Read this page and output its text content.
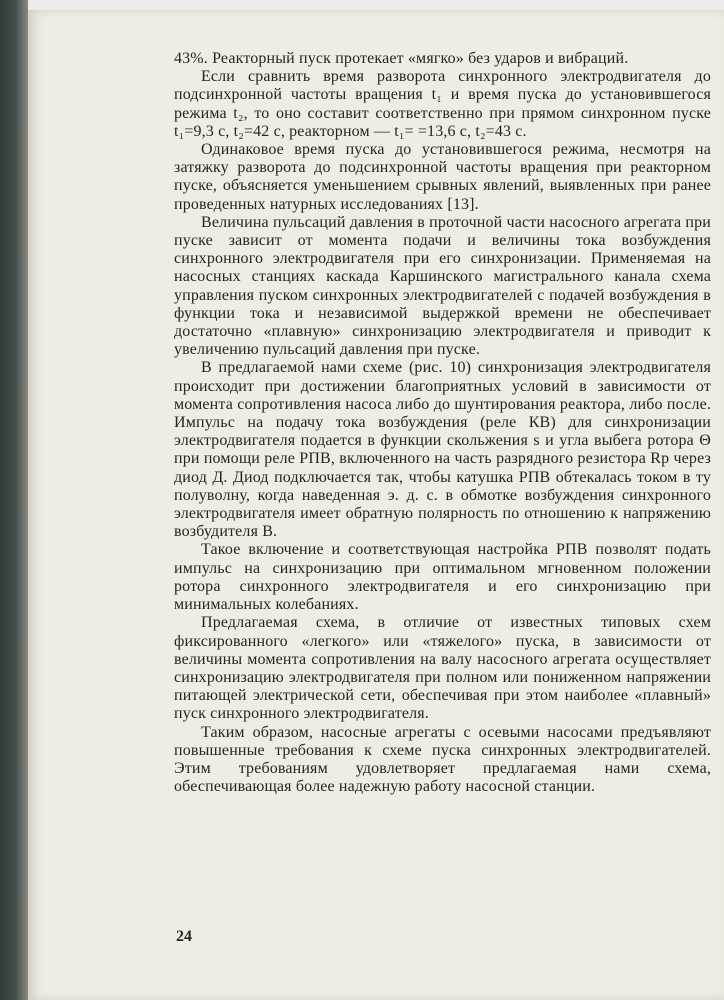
43%. Реакторный пуск протекает «мягко» без ударов и вибраций.

Если сравнить время разворота синхронного электродвигателя до подсинхронной частоты вращения t₁ и время пуска до установившегося режима t₂, то оно составит соответственно при прямом синхронном пуске t₁=9,3 с, t₂=42 с, реакторном — t₁= =13,6 с, t₂=43 с.

Одинаковое время пуска до установившегося режима, несмотря на затяжку разворота до подсинхронной частоты вращения при реакторном пуске, объясняется уменьшением срывных явлений, выявленных при ранее проведенных натурных исследованиях [13].

Величина пульсаций давления в проточной части насосного агрегата при пуске зависит от момента подачи и величины тока возбуждения синхронного электродвигателя при его синхронизации. Применяемая на насосных станциях каскада Каршинского магистрального канала схема управления пуском синхронных электродвигателей с подачей возбуждения в функции тока и независимой выдержкой времени не обеспечивает достаточно «плавную» синхронизацию электродвигателя и приводит к увеличению пульсаций давления при пуске.

В предлагаемой нами схеме (рис. 10) синхронизация электродвигателя происходит при достижении благоприятных условий в зависимости от момента сопротивления насоса либо до шунтирования реактора, либо после. Импульс на подачу тока возбуждения (реле КВ) для синхронизации электродвигателя подается в функции скольжения s и угла выбега ротора Θ при помощи реле РПВ, включенного на часть разрядного резистора Rр через диод Д. Диод подключается так, чтобы катушка РПВ обтекалась током в ту полуволну, когда наведенная э. д. с. в обмотке возбуждения синхронного электродвигателя имеет обратную полярность по отношению к напряжению возбудителя В.

Такое включение и соответствующая настройка РПВ позволят подать импульс на синхронизацию при оптимальном мгновенном положении ротора синхронного электродвигателя и его синхронизацию при минимальных колебаниях.

Предлагаемая схема, в отличие от известных типовых схем фиксированного «легкого» или «тяжелого» пуска, в зависимости от величины момента сопротивления на валу насосного агрегата осуществляет синхронизацию электродвигателя при полном или пониженном напряжении питающей электрической сети, обеспечивая при этом наиболее «плавный» пуск синхронного электродвигателя.

Таким образом, насосные агрегаты с осевыми насосами предъявляют повышенные требования к схеме пуска синхронных электродвигателей. Этим требованиям удовлетворяет предлагаемая нами схема, обеспечивающая более надежную работу насосной станции.

24
